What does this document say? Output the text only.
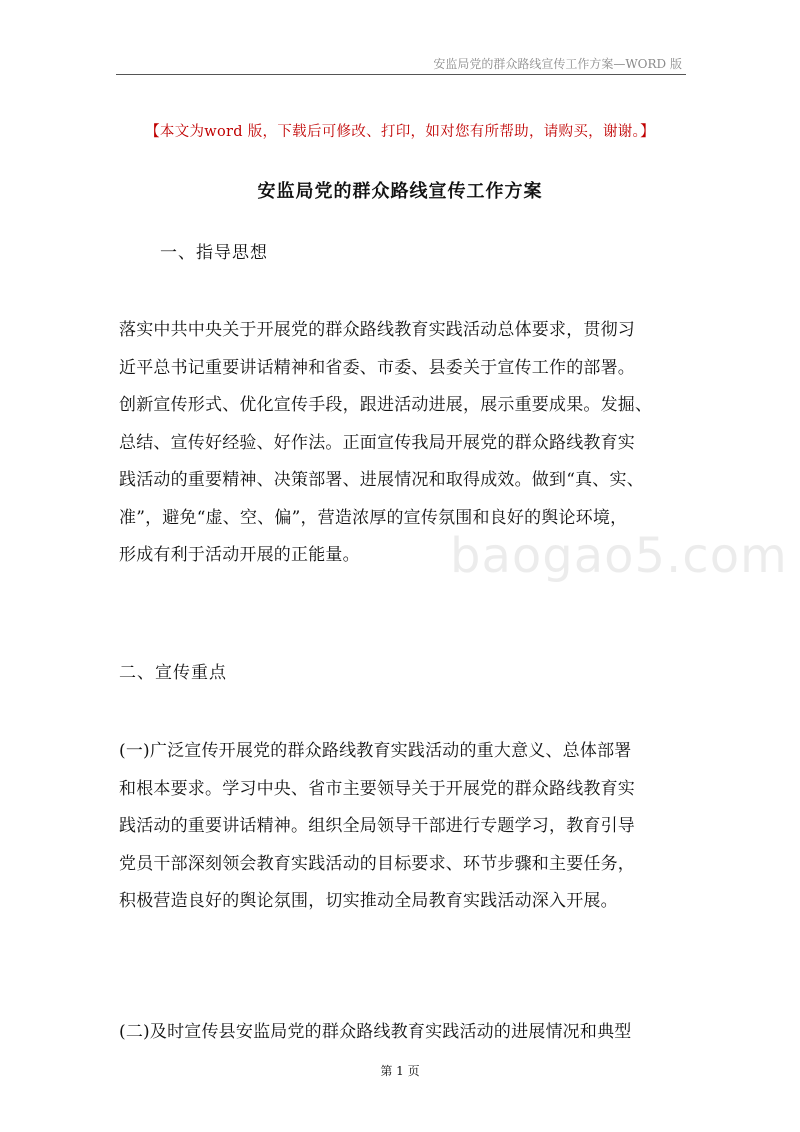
安监局党的群众路线宣传工作方案—WORD 版
【本文为word 版，下载后可修改、打印，如对您有所帮助，请购买，谢谢。】
安监局党的群众路线宣传工作方案
一、指导思想
落实中共中央关于开展党的群众路线教育实践活动总体要求，贯彻习
近平总书记重要讲话精神和省委、市委、县委关于宣传工作的部署。
创新宣传形式、优化宣传手段，跟进活动进展，展示重要成果。发掘、
总结、宣传好经验、好作法。正面宣传我局开展党的群众路线教育实
践活动的重要精神、决策部署、进展情况和取得成效。做到“真、实、
准”，避免“虚、空、偏”，营造浓厚的宣传氛围和良好的舆论环境，
形成有利于活动开展的正能量。
二、宣传重点
(一)广泛宣传开展党的群众路线教育实践活动的重大意义、总体部署
和根本要求。学习中央、省市主要领导关于开展党的群众路线教育实
践活动的重要讲话精神。组织全局领导干部进行专题学习，教育引导
党员干部深刻领会教育实践活动的目标要求、环节步骤和主要任务，
积极营造良好的舆论氛围，切实推动全局教育实践活动深入开展。
(二)及时宣传县安监局党的群众路线教育实践活动的进展情况和典型
baogao5.com
第 1 页
